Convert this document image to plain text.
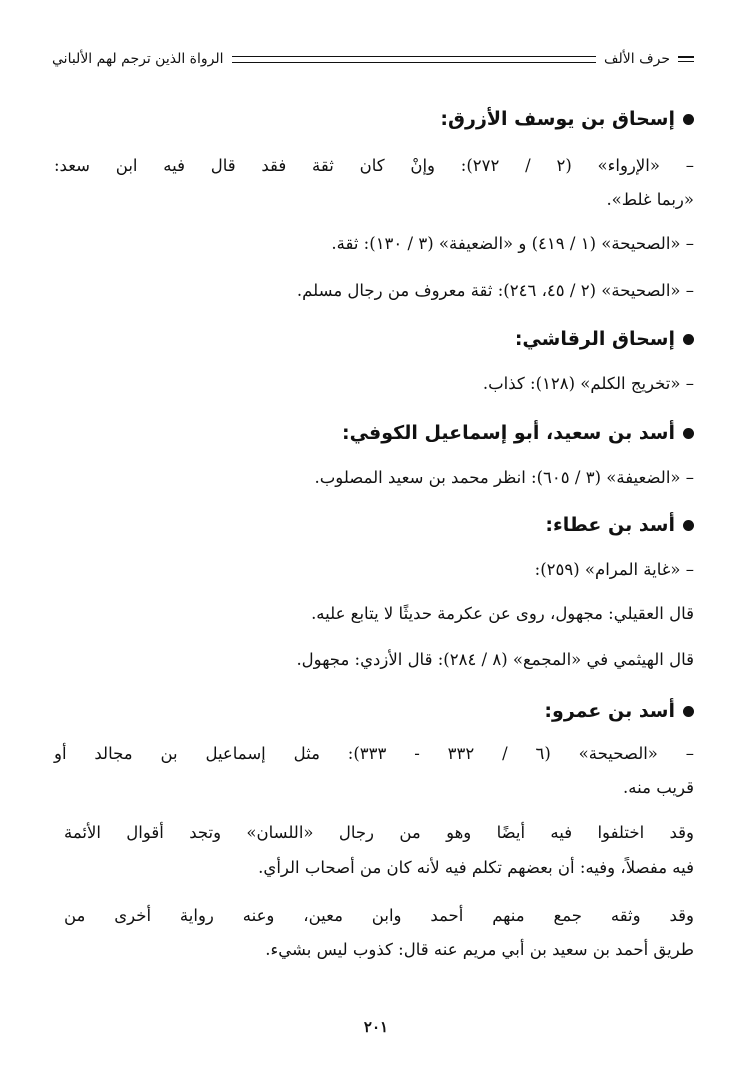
حرف الألف
الرواة الذين ترجم لهم الألباني
إسحاق بن يوسف الأزرق:
– «الإرواء» (٢ / ٢٧٢): وإنْ كان ثقة فقد قال فيه ابن سعد:
«ربما غلط».
– «الصحيحة» (١ / ٤١٩) و «الضعيفة» (٣ / ١٣٠): ثقة.
– «الصحيحة» (٢ / ٤٥، ٢٤٦): ثقة معروف من رجال مسلم.
إسحاق الرقاشي:
– «تخريج الكلم» (١٢٨): كذاب.
أسد بن سعيد، أبو إسماعيل الكوفي:
– «الضعيفة» (٣ / ٦٠٥): انظر محمد بن سعيد المصلوب.
أسد بن عطاء:
– «غاية المرام» (٢٥٩):
قال العقيلي: مجهول، روى عن عكرمة حديثًا لا يتابع عليه.
قال الهيثمي في «المجمع» (٨ / ٢٨٤): قال الأزدي: مجهول.
أسد بن عمرو:
– «الصحيحة» (٦ / ٣٣٢ - ٣٣٣): مثل إسماعيل بن مجالد أو
قريب منه.
وقد اختلفوا فيه أيضًا وهو من رجال «اللسان» وتجد أقوال الأئمة
فيه مفصلاً، وفيه: أن بعضهم تكلم فيه لأنه كان من أصحاب الرأي.
وقد وثقه جمع منهم أحمد وابن معين، وعنه رواية أخرى من
طريق أحمد بن سعيد بن أبي مريم عنه قال: كذوب ليس بشيء.
٢٠١
